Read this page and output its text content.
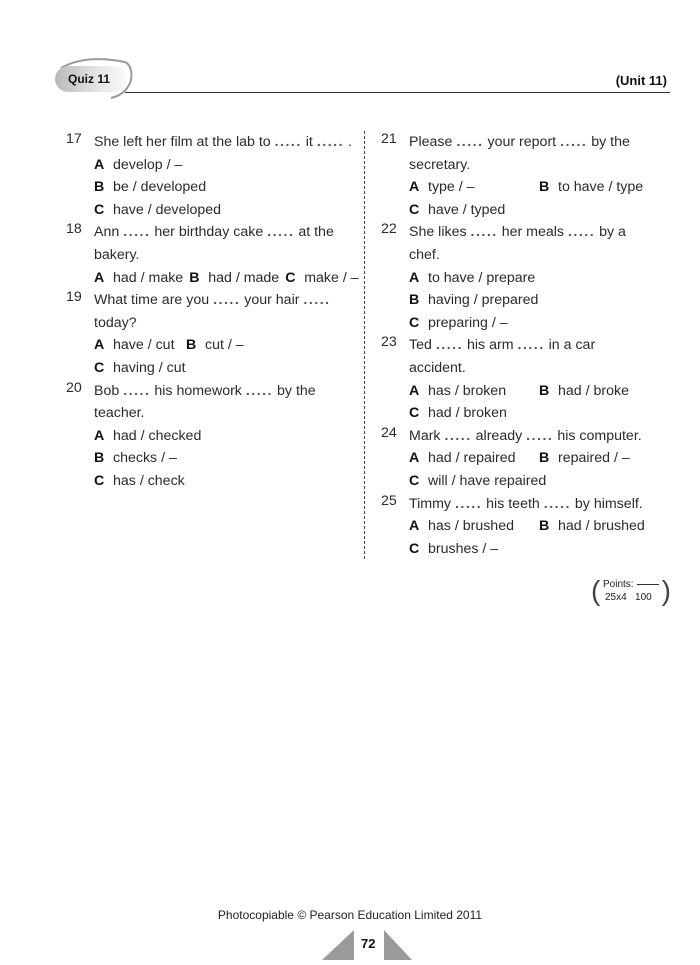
Quiz 11	(Unit 11)
17 She left her film at the lab to ..... it ..... .
A develop / –
B be / developed
C have / developed
18 Ann ..... her birthday cake ..... at the
bakery.
A had / make B had / made C make / –
19 What time are you ..... your hair .....
today?
A have / cut B cut / –
C having / cut
20 Bob ..... his homework ..... by the
teacher.
A had / checked
B checks / –
C has / check
21 Please ..... your report ..... by the
secretary.
A type / –	B to have / type
C have / typed
22 She likes ..... her meals ..... by a
chef.
A to have / prepare
B having / prepared
C preparing / –
23 Ted ..... his arm ..... in a car
accident.
A has / broken B had / broke
C had / broken
24 Mark ..... already ..... his computer.
A had / repaired B repaired / –
C will / have repaired
25 Timmy ..... his teeth ..... by himself.
A has / brushed B had / brushed
C brushes / –
( Points:
25x4 100 )
Photocopiable © Pearson Education Limited 2011
72
